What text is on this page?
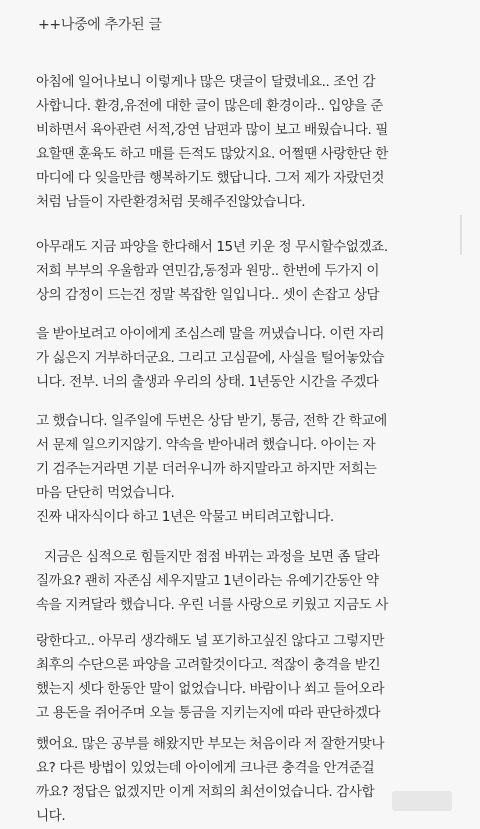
++나중에 추가된 글
아침에 일어나보니 이렇게나 많은 댓글이 달렸네요.. 조언 감
사합니다. 환경,유전에 대한 글이 많은데 환경이라.. 입양을 준
비하면서 육아관련 서적,강연 남편과 많이 보고 배웠습니다. 필
요할땐 훈육도 하고 매를 든적도 많았지요. 어쩔땐 사랑한단 한
마디에 다 잊을만큼 행복하기도 했답니다. 그저 제가 자랐던것
처럼 남들이 자란환경처럼 못해주진않았습니다.
아무래도 지금 파양을 한다해서 15년 키운 정 무시할수없겠죠.
저희 부부의 우울함과 연민감,동정과 원망.. 한번에 두가지 이
상의 감정이 드는건 정말 복잡한 일입니다.. 셋이 손잡고 상담
을 받아보려고 아이에게 조심스레 말을 꺼냈습니다. 이런 자리
가 싫은지 거부하더군요. 그리고 고심끝에, 사실을 털어놓았습
니다. 전부. 너의 출생과 우리의 상태. 1년동안 시간을 주겠다
고 했습니다. 일주일에 두번은 상담 받기, 통금, 전학 간 학교에
서 문제 일으키지않기. 약속을 받아내려 했습니다. 아이는 자
기 검주는거라면 기분 더러우니까 하지말라고 하지만 저희는
마음 단단히 먹었습니다.
진짜 내자식이다 하고 1년은 악물고 버티려고합니다.
지금은 심적으로 힘들지만 점점 바뀌는 과정을 보면 좀 달라
질까요? 괜히 자존심 세우지말고 1년이라는 유예기간동안 약
속을 지켜달라 했습니다. 우린 너를 사랑으로 키웠고 지금도 사
랑한다고.. 아무리 생각해도 널 포기하고싶진 않다고 그렇지만
최후의 수단으론 파양을 고려할것이다고. 적잖이 충격을 받긴
했는지 셋다 한동안 말이 없었습니다. 바람이나 쐬고 들어오라
고 용돈을 쥐어주며 오늘 통금을 지키는지에 따라 판단하겠다
했어요. 많은 공부를 해왔지만 부모는 처음이라 저 잘한거맞나
요? 다른 방법이 있었는데 아이에게 크나큰 충격을 안겨준걸
까요? 정답은 없겠지만 이게 저희의 최선이었습니다. 감사합
니다.
